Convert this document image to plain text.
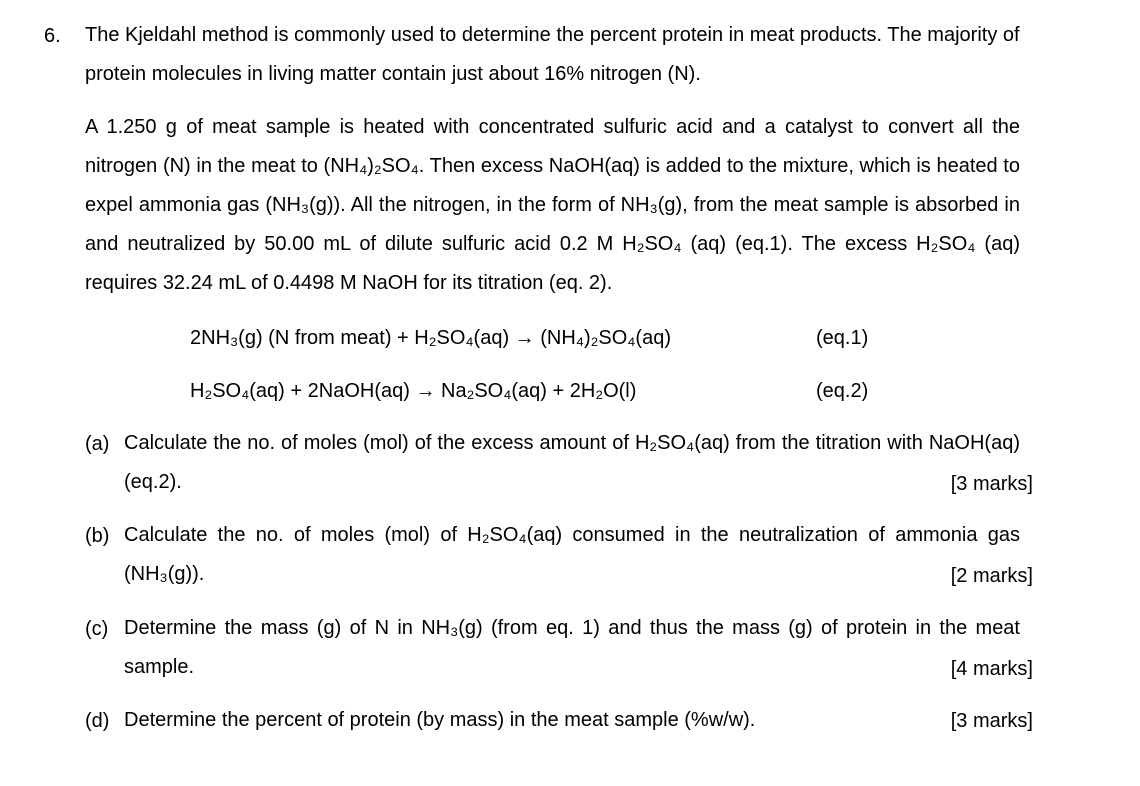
6. The Kjeldahl method is commonly used to determine the percent protein in meat products. The majority of protein molecules in living matter contain just about 16% nitrogen (N).
A 1.250 g of meat sample is heated with concentrated sulfuric acid and a catalyst to convert all the nitrogen (N) in the meat to (NH₄)₂SO₄. Then excess NaOH(aq) is added to the mixture, which is heated to expel ammonia gas (NH₃(g)). All the nitrogen, in the form of NH₃(g), from the meat sample is absorbed in and neutralized by 50.00 mL of dilute sulfuric acid 0.2 M H₂SO₄ (aq) (eq.1). The excess H₂SO₄ (aq) requires 32.24 mL of 0.4498 M NaOH for its titration (eq. 2).
2NH₃(g) (N from meat) + H₂SO₄(aq) → (NH₄)₂SO₄(aq)	(eq.1)
H₂SO₄(aq) + 2NaOH(aq) → Na₂SO₄(aq) + 2H₂O(l)	(eq.2)
(a) Calculate the no. of moles (mol) of the excess amount of H₂SO₄(aq) from the titration with NaOH(aq) (eq.2).	[3 marks]
(b) Calculate the no. of moles (mol) of H₂SO₄(aq) consumed in the neutralization of ammonia gas (NH₃(g)).	[2 marks]
(c) Determine the mass (g) of N in NH₃(g) (from eq. 1) and thus the mass (g) of protein in the meat sample.	[4 marks]
(d) Determine the percent of protein (by mass) in the meat sample (%w/w).	[3 marks]
